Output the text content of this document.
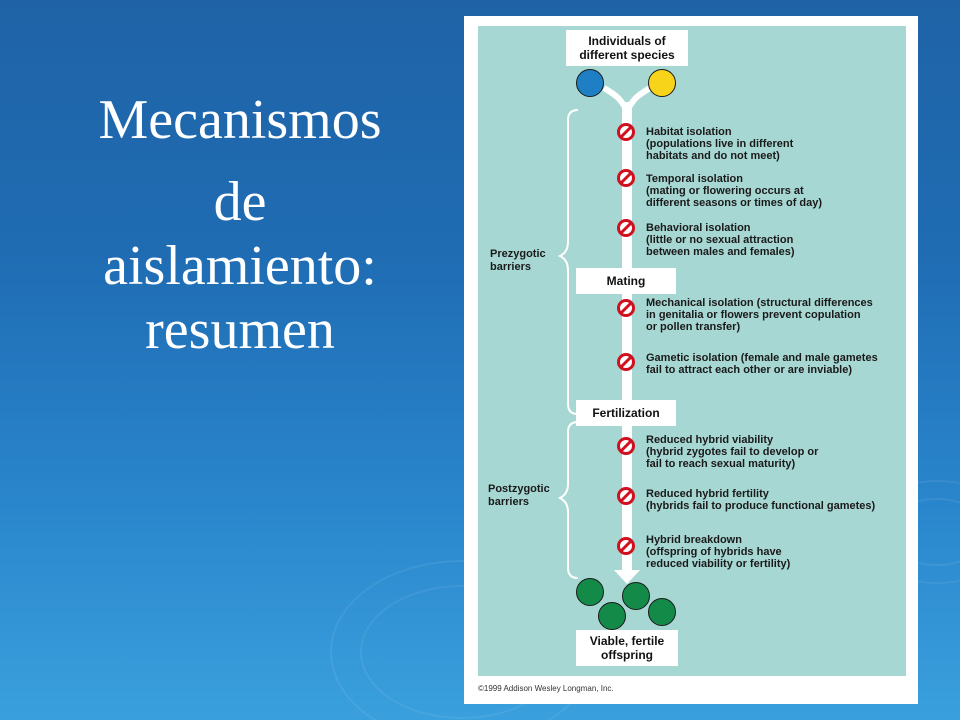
Mecanismos
de
aislamiento:
resumen
Individuals of
different species
Prezygotic
barriers
Postzygotic
barriers
Habitat isolation
(populations live in different
habitats and do not meet)
Temporal isolation
(mating or flowering occurs at
different seasons or times of day)
Behavioral isolation
(little or no sexual attraction
between males and females)
Mating
Mechanical isolation (structural differences
in genitalia or flowers prevent copulation
or pollen transfer)
Gametic isolation (female and male gametes
fail to attract each other or are inviable)
Fertilization
Reduced hybrid viability
(hybrid zygotes fail to develop or
fail to reach sexual maturity)
Reduced hybrid fertility
(hybrids fail to produce functional gametes)
Hybrid breakdown
(offspring of hybrids have
reduced viability or fertility)
Viable, fertile
offspring
©1999 Addison Wesley Longman, Inc.
